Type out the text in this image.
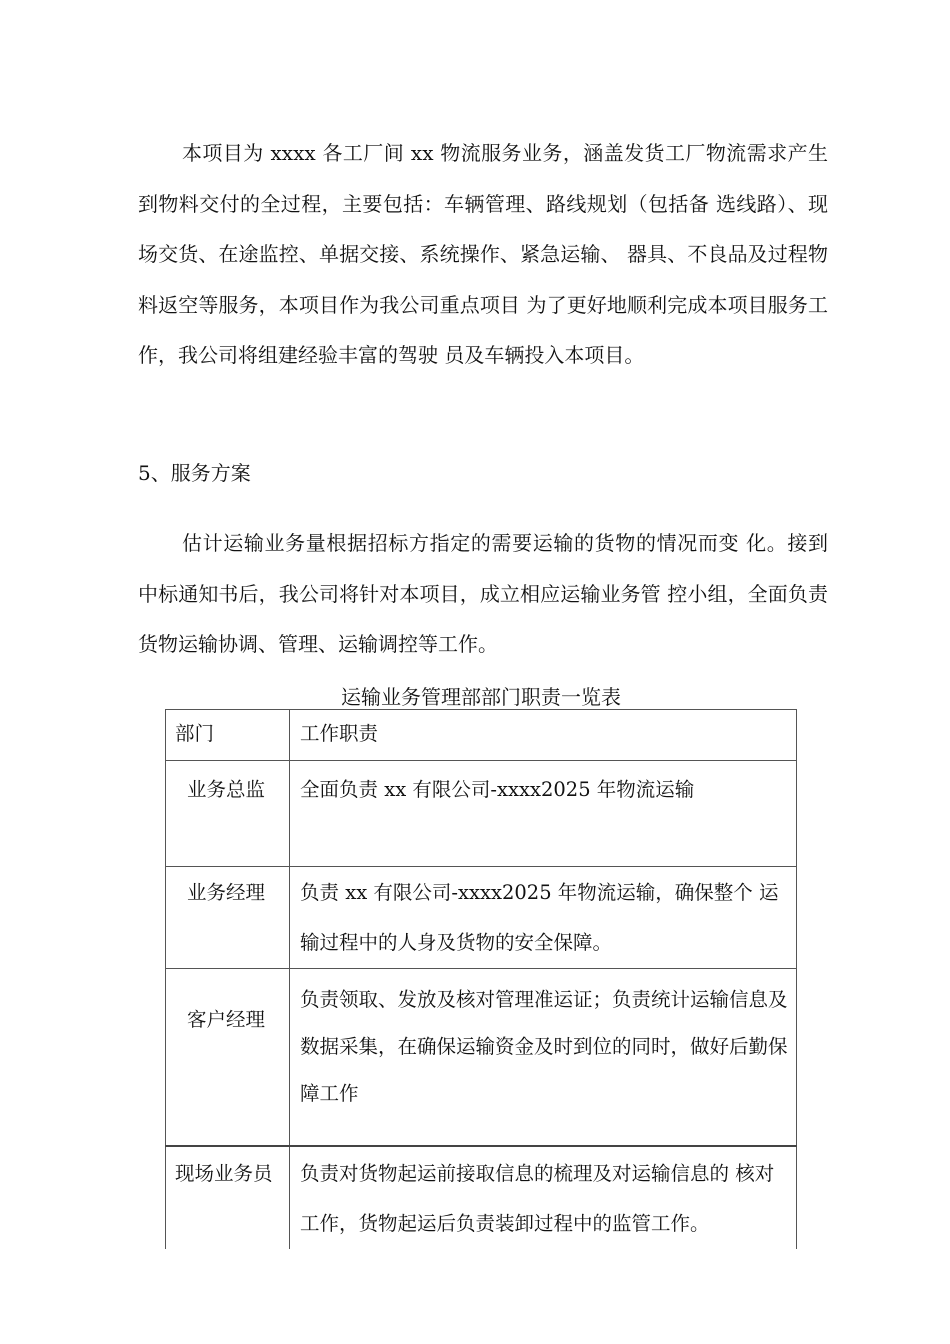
本项目为 xxxx 各工厂间 xx 物流服务业务，涵盖发货工厂物流需求产生到物料交付的全过程，主要包括：车辆管理、路线规划（包括备 选线路）、现场交货、在途监控、单据交接、系统操作、紧急运输、 器具、不良品及过程物料返空等服务，本项目作为我公司重点项目 为了更好地顺利完成本项目服务工作，我公司将组建经验丰富的驾驶 员及车辆投入本项目。

5、服务方案

估计运输业务量根据招标方指定的需要运输的货物的情况而变 化。接到中标通知书后，我公司将针对本项目，成立相应运输业务管 控小组，全面负责货物运输协调、管理、运输调控等工作。

运输业务管理部部门职责一览表
部门	工作职责

业务总监	全面负责 xx 有限公司-xxxx2025 年物流运输

业务经理	负责 xx 有限公司-xxxx2025 年物流运输，确保整个 运输过程中的人身及货物的安全保障。

客户经理	负责领取、发放及核对管理准运证；负责统计运输信息及数据采集，在确保运输资金及时到位的同时，做好后勤保障工作

现场业务员	负责对货物起运前接取信息的梳理及对运输信息的 核对工作，货物起运后负责装卸过程中的监管工作。
